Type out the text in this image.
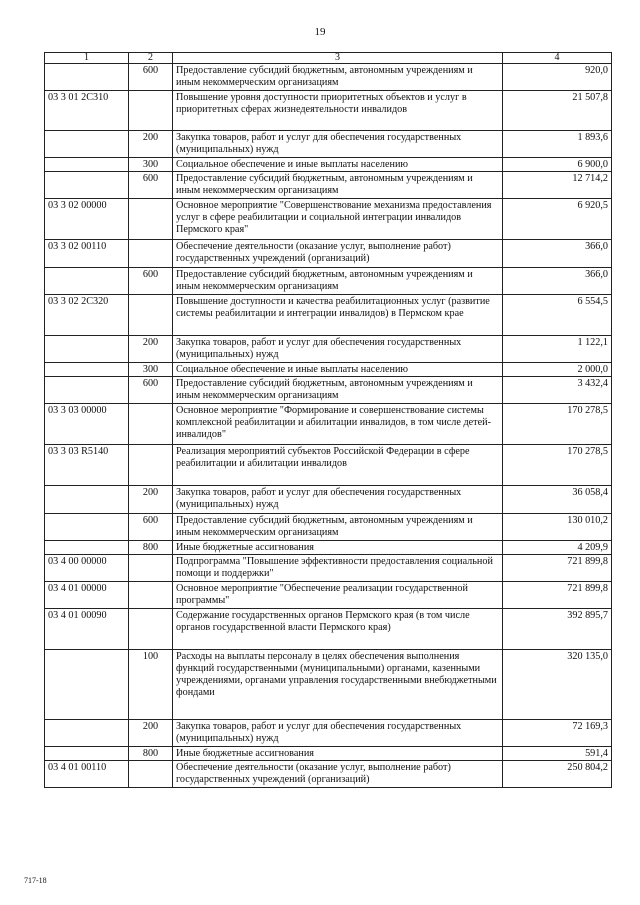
19
1	2	3	4
	600	Предоставление субсидий бюджетным, автономным учреждениям и иным некоммерческим организациям	920,0
03 3 01 2C310		Повышение уровня доступности приоритетных объектов и услуг в приоритетных сферах жизнедеятельности инвалидов	21 507,8
	200	Закупка товаров, работ и услуг для обеспечения государственных (муниципальных) нужд	1 893,6
	300	Социальное обеспечение и иные выплаты населению	6 900,0
	600	Предоставление субсидий бюджетным, автономным учреждениям и иным некоммерческим организациям	12 714,2
03 3 02 00000		Основное мероприятие "Совершенствование механизма предоставления услуг в сфере реабилитации и социальной интеграции инвалидов Пермского края"	6 920,5
03 3 02 00110		Обеспечение деятельности (оказание услуг, выполнение работ) государственных учреждений (организаций)	366,0
	600	Предоставление субсидий бюджетным, автономным учреждениям и иным некоммерческим организациям	366,0
03 3 02 2C320		Повышение доступности и качества реабилитационных услуг (развитие системы реабилитации и интеграции инвалидов) в Пермском крае	6 554,5
	200	Закупка товаров, работ и услуг для обеспечения государственных (муниципальных) нужд	1 122,1
	300	Социальное обеспечение и иные выплаты населению	2 000,0
	600	Предоставление субсидий бюджетным, автономным учреждениям и иным некоммерческим организациям	3 432,4
03 3 03 00000		Основное мероприятие "Формирование и совершенствование системы комплексной реабилитации и абилитации инвалидов, в том числе детей-инвалидов"	170 278,5
03 3 03 R5140		Реализация мероприятий субъектов Российской Федерации в сфере реабилитации и абилитации инвалидов	170 278,5
	200	Закупка товаров, работ и услуг для обеспечения государственных (муниципальных) нужд	36 058,4
	600	Предоставление субсидий бюджетным, автономным учреждениям и иным некоммерческим организациям	130 010,2
	800	Иные бюджетные ассигнования	4 209,9
03 4 00 00000		Подпрограмма "Повышение эффективности предоставления социальной помощи и поддержки"	721 899,8
03 4 01 00000		Основное мероприятие "Обеспечение реализации государственной программы"	721 899,8
03 4 01 00090		Содержание государственных органов Пермского края (в том числе органов государственной власти Пермского края)	392 895,7
	100	Расходы на выплаты персоналу в целях обеспечения выполнения функций государственными (муниципальными) органами, казенными учреждениями, органами управления государственными внебюджетными фондами	320 135,0
	200	Закупка товаров, работ и услуг для обеспечения государственных (муниципальных) нужд	72 169,3
	800	Иные бюджетные ассигнования	591,4
03 4 01 00110		Обеспечение деятельности (оказание услуг, выполнение работ) государственных учреждений (организаций)	250 804,2
717-18
